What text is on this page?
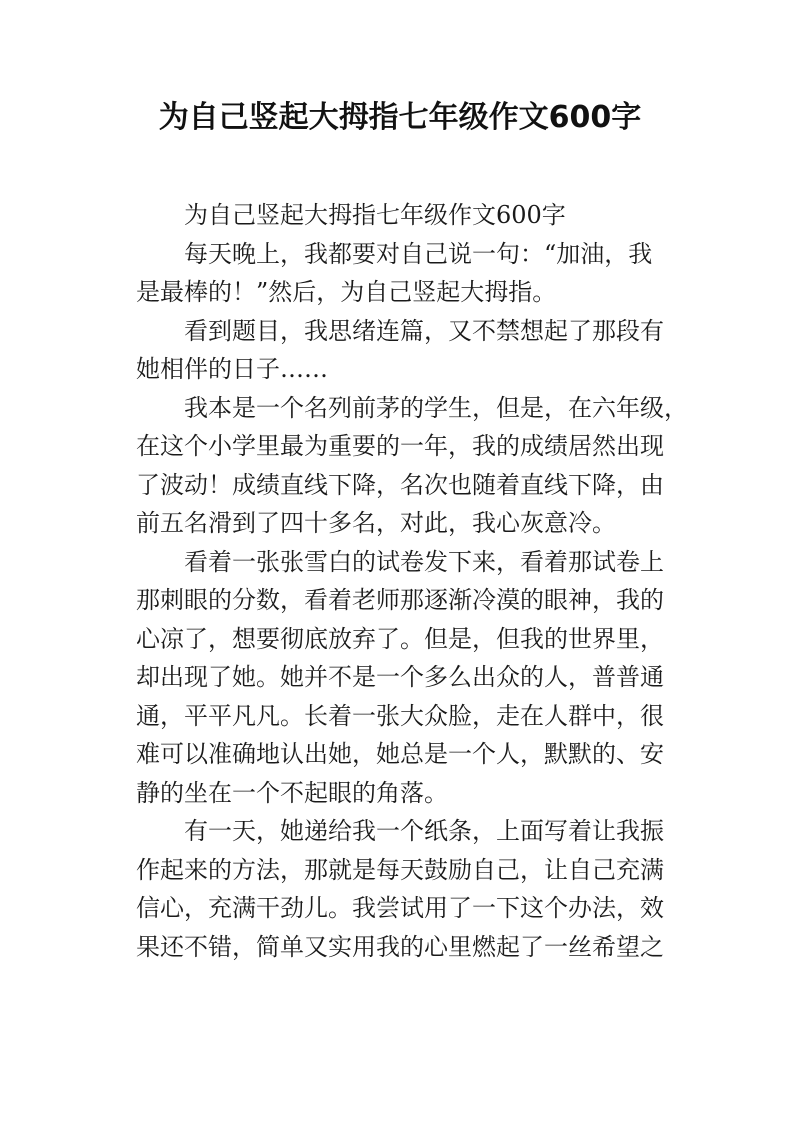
为自己竖起大拇指七年级作文600字
为自己竖起大拇指七年级作文600字
每天晚上，我都要对自己说一句：“加油，我
是最棒的！”然后，为自己竖起大拇指。
看到题目，我思绪连篇，又不禁想起了那段有
她相伴的日子……
我本是一个名列前茅的学生，但是，在六年级，
在这个小学里最为重要的一年，我的成绩居然出现
了波动！成绩直线下降，名次也随着直线下降，由
前五名滑到了四十多名，对此，我心灰意冷。
看着一张张雪白的试卷发下来，看着那试卷上
那刺眼的分数，看着老师那逐渐冷漠的眼神，我的
心凉了，想要彻底放弃了。但是，但我的世界里，
却出现了她。她并不是一个多么出众的人，普普通
通，平平凡凡。长着一张大众脸，走在人群中，很
难可以准确地认出她，她总是一个人，默默的、安
静的坐在一个不起眼的角落。
有一天，她递给我一个纸条，上面写着让我振
作起来的方法，那就是每天鼓励自己，让自己充满
信心，充满干劲儿。我尝试用了一下这个办法，效
果还不错，简单又实用我的心里燃起了一丝希望之
